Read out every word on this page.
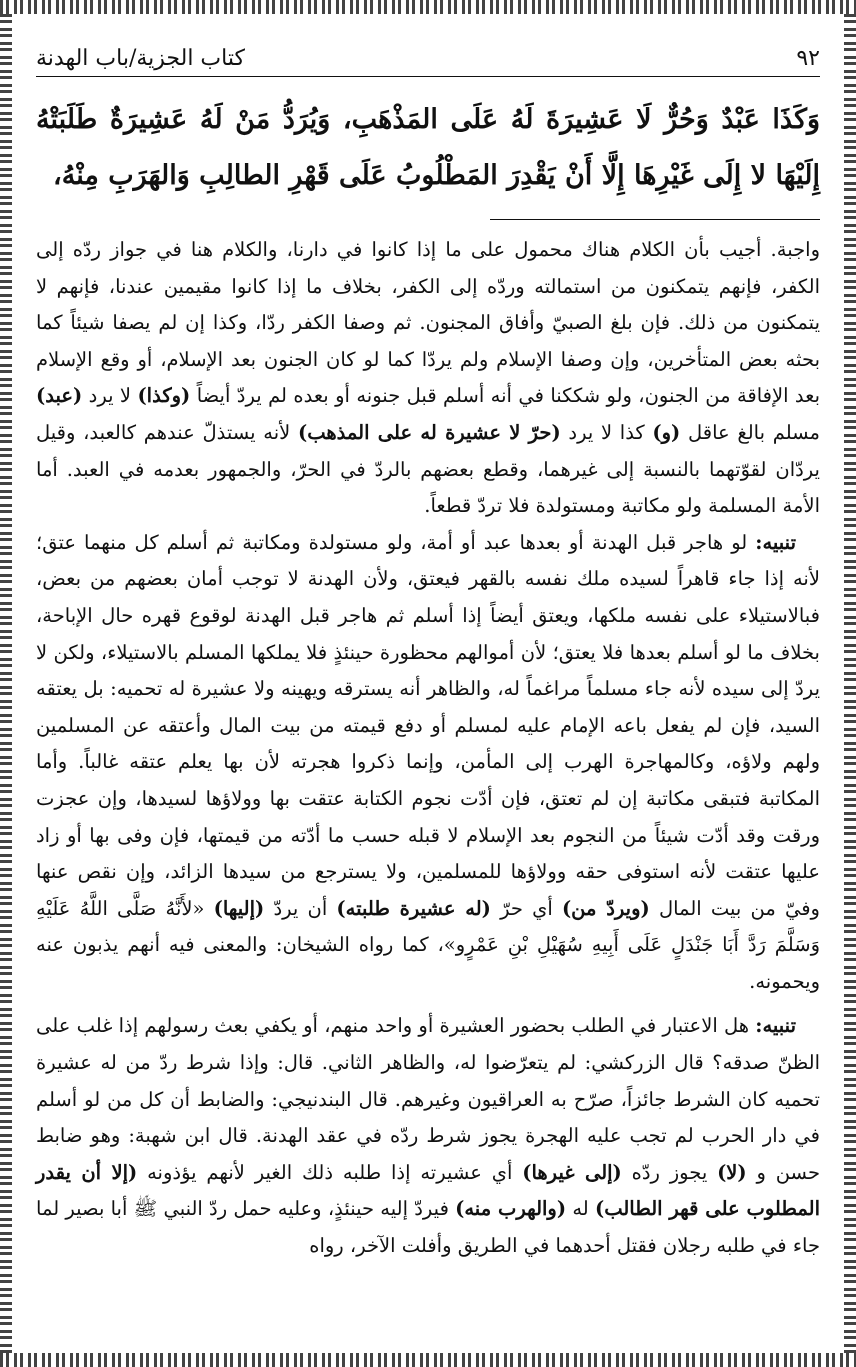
٩٢
كتاب الجزية/باب الهدنة
وَكَذَا عَبْدٌ وَحُرٌّ لَا عَشِيرَةَ لَهُ عَلَى المَذْهَبِ، وَيُرَدُّ مَنْ لَهُ عَشِيرَةٌ طَلَبَتْهُ إِلَيْهَا لا إِلَى غَيْرِهَا إِلَّا أَنْ يَقْدِرَ المَطْلُوبُ عَلَى قَهْرِ الطالِبِ وَالهَرَبِ مِنْهُ،

واجبة. أجيب بأن الكلام هناك محمول على ما إذا كانوا في دارنا، والكلام هنا في جواز ردّه إلى الكفر، فإنهم يتمكنون من استمالته وردّه إلى الكفر، بخلاف ما إذا كانوا مقيمين عندنا، فإنهم لا يتمكنون من ذلك. فإن بلغ الصبيّ وأفاق المجنون. ثم وصفا الكفر ردّا، وكذا إن لم يصفا شيئاً كما بحثه بعض المتأخرين، وإن وصفا الإسلام ولم يردّا كما لو كان الجنون بعد الإسلام، أو وقع الإسلام بعد الإفاقة من الجنون، ولو شككنا في أنه أسلم قبل جنونه أو بعده لم يردّ أيضاً (وكذا) لا يرد (عبد) مسلم بالغ عاقل (و) كذا لا يرد (حرّ لا عشيرة له على المذهب) لأنه يستذلّ عندهم كالعبد، وقيل يردّان لقوّتهما بالنسبة إلى غيرهما، وقطع بعضهم بالردّ في الحرّ، والجمهور بعدمه في العبد. أما الأمة المسلمة ولو مكاتبة ومستولدة فلا تردّ قطعاً.

تنبيه: لو هاجر قبل الهدنة أو بعدها عبد أو أمة، ولو مستولدة ومكاتبة ثم أسلم كل منهما عتق؛ لأنه إذا جاء قاهراً لسيده ملك نفسه بالقهر فيعتق، ولأن الهدنة لا توجب أمان بعضهم من بعض، فبالاستيلاء على نفسه ملكها، ويعتق أيضاً إذا أسلم ثم هاجر قبل الهدنة لوقوع قهره حال الإباحة، بخلاف ما لو أسلم بعدها فلا يعتق؛ لأن أموالهم محظورة حينئذٍ فلا يملكها المسلم بالاستيلاء، ولكن لا يردّ إلى سيده لأنه جاء مسلماً مراغماً له، والظاهر أنه يسترقه ويهينه ولا عشيرة له تحميه: بل يعتقه السيد، فإن لم يفعل باعه الإمام عليه لمسلم أو دفع قيمته من بيت المال وأعتقه عن المسلمين ولهم ولاؤه، وكالمهاجرة الهرب إلى المأمن، وإنما ذكروا هجرته لأن بها يعلم عتقه غالباً. وأما المكاتبة فتبقى مكاتبة إن لم تعتق، فإن أدّت نجوم الكتابة عتقت بها وولاؤها لسيدها، وإن عجزت ورقت وقد أدّت شيئاً من النجوم بعد الإسلام لا قبله حسب ما أدّته من قيمتها، فإن وفى بها أو زاد عليها عتقت لأنه استوفى حقه وولاؤها للمسلمين، ولا يسترجع من سيدها الزائد، وإن نقص عنها وفيّ من بيت المال (ويردّ من) أي حرّ (له عشيرة طلبته) أن يردّ (إليها) «لأَنَّهُ صَلَّى اللَّهُ عَلَيْهِ وَسَلَّمَ رَدَّ أَبَا جَنْدَلٍ عَلَى أَبِيهِ سُهَيْلِ بْنِ عَمْرٍو»، كما رواه الشيخان: والمعنى فيه أنهم يذبون عنه ويحمونه.

تنبيه: هل الاعتبار في الطلب بحضور العشيرة أو واحد منهم، أو يكفي بعث رسولهم إذا غلب على الظنّ صدقه؟ قال الزركشي: لم يتعرّضوا له، والظاهر الثاني. قال: وإذا شرط ردّ من له عشيرة تحميه كان الشرط جائزاً، صرّح به العراقيون وغيرهم. قال البندنيجي: والضابط أن كل من لو أسلم في دار الحرب لم تجب عليه الهجرة يجوز شرط ردّه في عقد الهدنة. قال ابن شهبة: وهو ضابط حسن و (لا) يجوز ردّه (إلى غيرها) أي عشيرته إذا طلبه ذلك الغير لأنهم يؤذونه (إلا أن يقدر المطلوب على قهر الطالب) له (والهرب منه) فيردّ إليه حينئذٍ، وعليه حمل ردّ النبي ﷺ أبا بصير لما جاء في طلبه رجلان فقتل أحدهما في الطريق وأفلت الآخر، رواه
